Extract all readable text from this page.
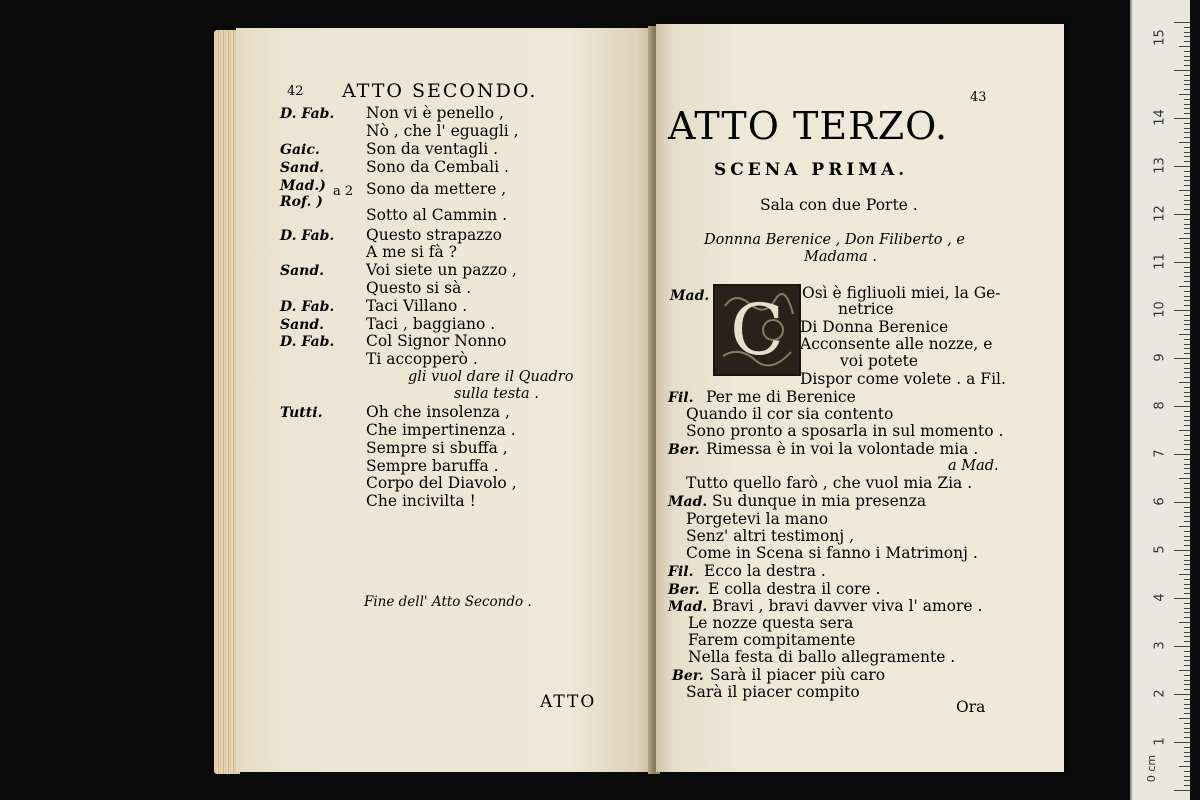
42 ATTO SECONDO.
D. Fab. Non vi è penello ,
Nò , che l' eguagli ,
Gaic.	Son da ventagli .
Sand.	Sono da Cembali .
Mad.) a 2 Sono da mettere ,
Rof. )
Sotto al Cammin .
D. Fab. Questo strapazzo
A me si fà ?
Sand.	Voi siete un pazzo ,
Questo si sà .
D. Fab. Taci Villano .
Sand.	Taci , baggiano .
D. Fab. Col Signor Nonno
Ti accopperò .
gli vuol dare il Quadro
sulla testa .
Tutti.	Oh che insolenza ,
Che impertinenza .
Sempre si sbuffa ,
Sempre baruffa .
Corpo del Diavolo ,
Che incivilta !
Fine dell' Atto Secondo .
ATTO
43
ATTO TERZO.
SCENA PRIMA.
Sala con due Porte .
Donnna Berenice , Don Filiberto , e
Madama .
C
Mad.	Osì è figliuoli miei, la Ge-
netrice
Di Donna Berenice
Acconsente alle nozze, e
voi potete
Dispor come volete . a Fil.
Fil. Per me di Berenice
Quando il cor sia contento
Sono pronto a sposarla in sul momento .
Ber. Rimessa è in voi la volontade mia .
a Mad.
Tutto quello farò , che vuol mia Zia .
Mad. Su dunque in mia presenza
Porgetevi la mano
Senz' altri testimonj ,
Come in Scena si fanno i Matrimonj .
Fil. Ecco la destra .
Ber. E colla destra il core .
Mad. Bravi , bravi davver viva l' amore .
Le nozze questa sera
Farem compitamente
Nella festa di ballo allegramente .
Ber. Sarà il piacer più caro
Sarà il piacer compito
Ora
1
2
3
4
5
6
7
8
9
10
11
12
13
14
15
0 cm
